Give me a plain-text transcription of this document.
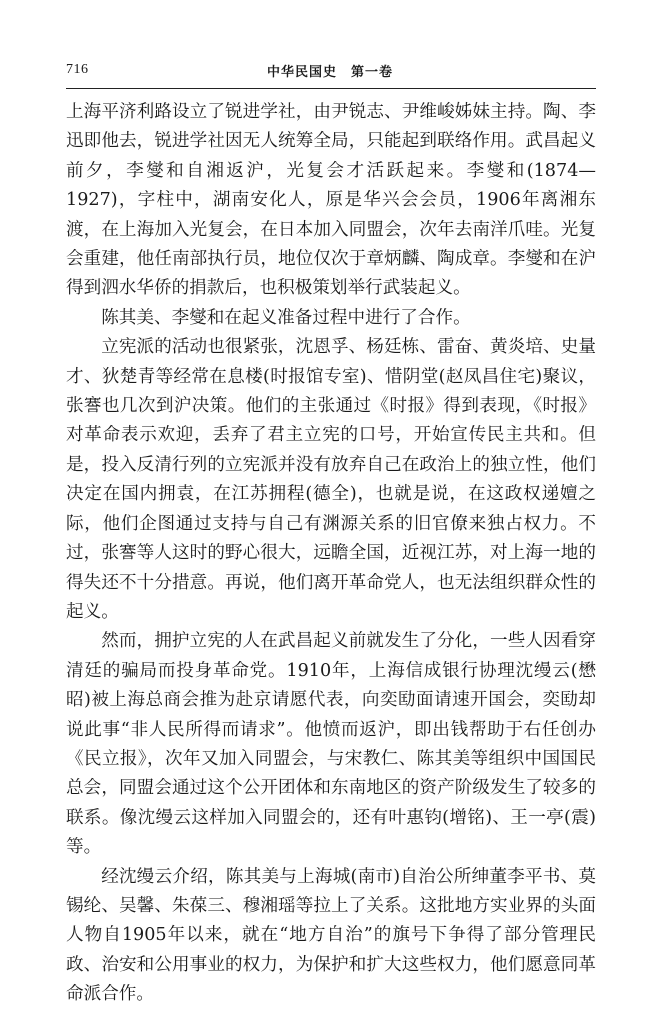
716	中华民国史　第一卷

上海平济利路设立了锐进学社，由尹锐志、尹维峻姊妹主持。陶、李迅即他去，锐进学社因无人统筹全局，只能起到联络作用。武昌起义前夕，李燮和自湘返沪，光复会才活跃起来。李燮和(1874—1927)，字柱中，湖南安化人，原是华兴会会员，1906年离湘东渡，在上海加入光复会，在日本加入同盟会，次年去南洋爪哇。光复会重建，他任南部执行员，地位仅次于章炳麟、陶成章。李燮和在沪得到泗水华侨的捐款后，也积极策划举行武装起义。

陈其美、李燮和在起义准备过程中进行了合作。

立宪派的活动也很紧张，沈恩孚、杨廷栋、雷奋、黄炎培、史量才、狄楚青等经常在息楼(时报馆专室)、惜阴堂(赵凤昌住宅)聚议，张謇也几次到沪决策。他们的主张通过《时报》得到表现，《时报》对革命表示欢迎，丢弃了君主立宪的口号，开始宣传民主共和。但是，投入反清行列的立宪派并没有放弃自己在政治上的独立性，他们决定在国内拥袁，在江苏拥程(德全)，也就是说，在这政权递嬗之际，他们企图通过支持与自己有渊源关系的旧官僚来独占权力。不过，张謇等人这时的野心很大，远瞻全国，近视江苏，对上海一地的得失还不十分措意。再说，他们离开革命党人，也无法组织群众性的起义。

然而，拥护立宪的人在武昌起义前就发生了分化，一些人因看穿清廷的骗局而投身革命党。1910年，上海信成银行协理沈缦云(懋昭)被上海总商会推为赴京请愿代表，向奕劻面请速开国会，奕劻却说此事“非人民所得而请求”。他愤而返沪，即出钱帮助于右任创办《民立报》，次年又加入同盟会，与宋教仁、陈其美等组织中国国民总会，同盟会通过这个公开团体和东南地区的资产阶级发生了较多的联系。像沈缦云这样加入同盟会的，还有叶惠钧(增铭)、王一亭(震)等。

经沈缦云介绍，陈其美与上海城(南市)自治公所绅董李平书、莫锡纶、吴馨、朱葆三、穆湘瑶等拉上了关系。这批地方实业界的头面人物自1905年以来，就在“地方自治”的旗号下争得了部分管理民政、治安和公用事业的权力，为保护和扩大这些权力，他们愿意同革命派合作。
